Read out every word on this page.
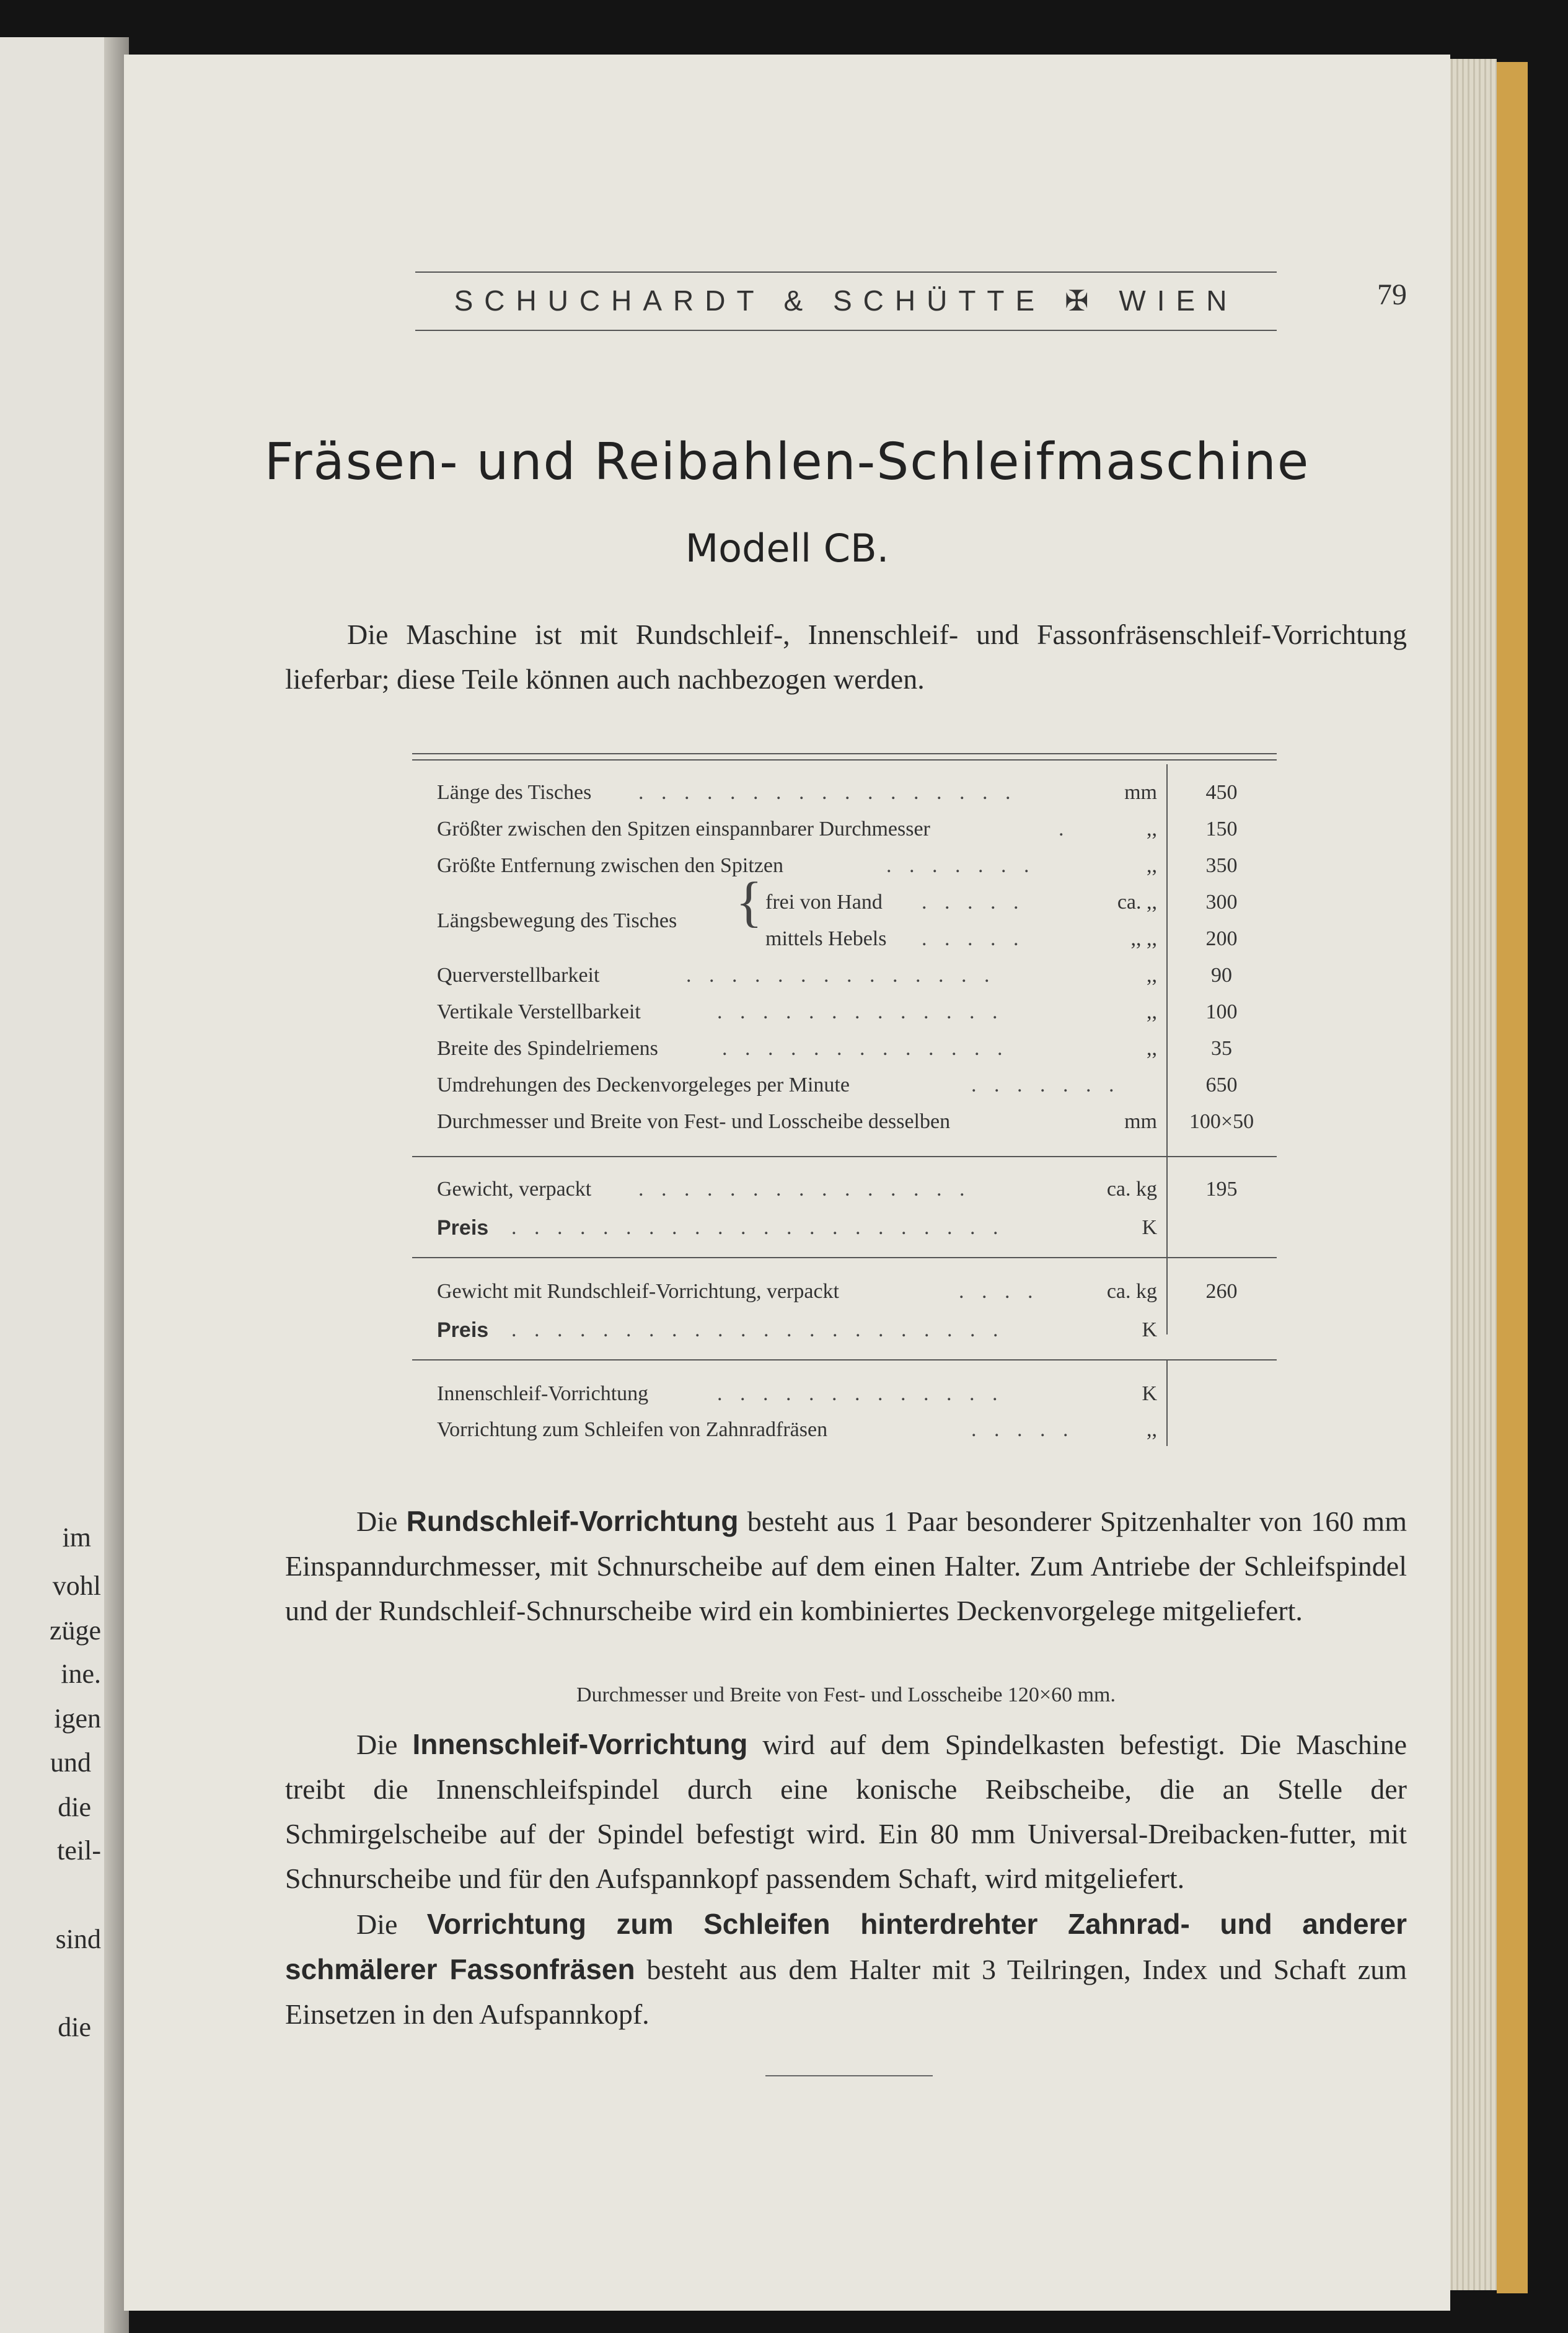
im
vohl
züge
ine.
igen
und
die
teil-
sind
die
SCHUCHARDT & SCHÜTTE ✠ WIEN	79
Fräsen- und Reibahlen-Schleifmaschine
Modell CB.
Die Maschine ist mit Rundschleif-, Innenschleif- und Fassonfräsenschleif-Vorrichtung lieferbar; diese Teile können auch nachbezogen werden.
Länge des Tisches . . . . . . . . . . . . . . . . .	mm	450
Größter zwischen den Spitzen einspannbarer Durchmesser	.	,,	150
Größte Entfernung zwischen den Spitzen	. . . . . . .	,,	350
Längsbewegung des Tisches { frei von Hand . . . . .	ca. ,,	300
mittels Hebels . . . . .	,, ,,	200
Querverstellbarkeit	. . . . . . . . . . . . . .	,,	90
Vertikale Verstellbarkeit	. . . . . . . . . . . . .	,,	100
Breite des Spindelriemens	. . . . . . . . . . . . .	,,	35
Umdrehungen des Deckenvorgeleges per Minute	. . . . . . .	650
Durchmesser und Breite von Fest- und Losscheibe desselben	mm	100×50
Gewicht, verpackt . . . . . . . . . . . . . . .	ca. kg	195
Preis . . . . . . . . . . . . . . . . . . . . . .	K
Gewicht mit Rundschleif-Vorrichtung, verpackt	. . . .	ca. kg	260
Preis . . . . . . . . . . . . . . . . . . . . . .	K
Innenschleif-Vorrichtung	. . . . . . . . . . . . .	K
Vorrichtung zum Schleifen von Zahnradfräsen	. . . . .	,,
Die Rundschleif-Vorrichtung besteht aus 1 Paar besonderer Spitzenhalter von 160 mm Einspanndurchmesser, mit Schnurscheibe auf dem einen Halter. Zum Antriebe der Schleifspindel und der Rundschleif-Schnurscheibe wird ein kombiniertes Deckenvorgelege mitgeliefert.
Durchmesser und Breite von Fest- und Losscheibe 120×60 mm.
Die Innenschleif-Vorrichtung wird auf dem Spindelkasten befestigt. Die Maschine treibt die Innenschleifspindel durch eine konische Reibscheibe, die an Stelle der Schmirgelscheibe auf der Spindel befestigt wird. Ein 80 mm Universal-Dreibacken-futter, mit Schnurscheibe und für den Aufspannkopf passendem Schaft, wird mitgeliefert.
Die Vorrichtung zum Schleifen hinterdrehter Zahnrad- und anderer schmälerer Fassonfräsen besteht aus dem Halter mit 3 Teilringen, Index und Schaft zum Einsetzen in den Aufspannkopf.
